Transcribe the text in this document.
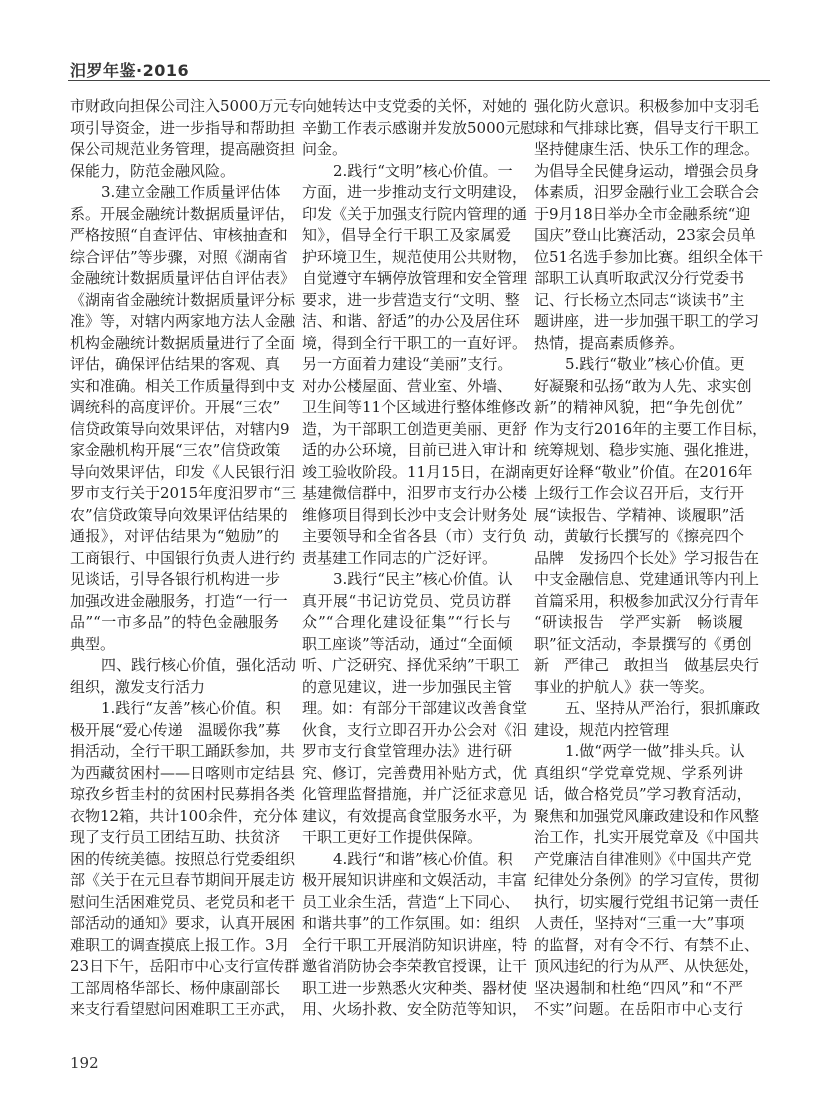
汨罗年鉴·2016
市财政向担保公司注入5000万元专
项引导资金，进一步指导和帮助担
保公司规范业务管理，提高融资担
保能力，防范金融风险。
3.建立金融工作质量评估体
系。开展金融统计数据质量评估，
严格按照“自查评估、审核抽查和
综合评估”等步骤，对照《湖南省
金融统计数据质量评估自评估表》
《湖南省金融统计数据质量评分标
准》等，对辖内两家地方法人金融
机构金融统计数据质量进行了全面
评估，确保评估结果的客观、真
实和准确。相关工作质量得到中支
调统科的高度评价。开展“三农”
信贷政策导向效果评估，对辖内9
家金融机构开展“三农”信贷政策
导向效果评估，印发《人民银行汨
罗市支行关于2015年度汨罗市“三
农”信贷政策导向效果评估结果的
通报》，对评估结果为“勉励”的
工商银行、中国银行负责人进行约
见谈话，引导各银行机构进一步
加强改进金融服务，打造“一行一
品”“一市多品”的特色金融服务
典型。
四、践行核心价值，强化活动
组织，激发支行活力
1.践行“友善”核心价值。积
极开展“爱心传递　温暖你我”募
捐活动，全行干职工踊跃参加，共
为西藏贫困村——日喀则市定结县
琼孜乡哲圭村的贫困村民募捐各类
衣物12箱，共计100余件，充分体
现了支行员工团结互助、扶贫济
困的传统美德。按照总行党委组织
部《关于在元旦春节期间开展走访
慰问生活困难党员、老党员和老干
部活动的通知》要求，认真开展困
难职工的调查摸底上报工作。3月
23日下午，岳阳市中心支行宣传群
工部周格华部长、杨仲康副部长
来支行看望慰问困难职工王亦武，
向她转达中支党委的关怀，对她的
辛勤工作表示感谢并发放5000元慰
问金。
2.践行“文明”核心价值。一
方面，进一步推动支行文明建设，
印发《关于加强支行院内管理的通
知》，倡导全行干职工及家属爱
护环境卫生，规范使用公共财物，
自觉遵守车辆停放管理和安全管理
要求，进一步营造支行“文明、整
洁、和谐、舒适”的办公及居住环
境，得到全行干职工的一直好评。
另一方面着力建设“美丽”支行。
对办公楼屋面、营业室、外墙、
卫生间等11个区域进行整体维修改
造，为干部职工创造更美丽、更舒
适的办公环境，目前已进入审计和
竣工验收阶段。11月15日，在湖南
基建微信群中，汨罗市支行办公楼
维修项目得到长沙中支会计财务处
主要领导和全省各县（市）支行负
责基建工作同志的广泛好评。
3.践行“民主”核心价值。认
真开展“书记访党员、党员访群
众”“合理化建设征集”“行长与
职工座谈”等活动，通过“全面倾
听、广泛研究、择优采纳”干职工
的意见建议，进一步加强民主管
理。如：有部分干部建议改善食堂
伙食，支行立即召开办公会对《汨
罗市支行食堂管理办法》进行研
究、修订，完善费用补贴方式，优
化管理监督措施，并广泛征求意见
建议，有效提高食堂服务水平，为
干职工更好工作提供保障。
4.践行“和谐”核心价值。积
极开展知识讲座和文娱活动，丰富
员工业余生活，营造“上下同心、
和谐共事”的工作氛围。如：组织
全行干职工开展消防知识讲座，特
邀省消防协会李荣教官授课，让干
职工进一步熟悉火灾种类、器材使
用、火场扑救、安全防范等知识，
强化防火意识。积极参加中支羽毛
球和气排球比赛，倡导支行干职工
坚持健康生活、快乐工作的理念。
为倡导全民健身运动，增强会员身
体素质，汨罗金融行业工会联合会
于9月18日举办全市金融系统“迎
国庆”登山比赛活动，23家会员单
位51名选手参加比赛。组织全体干
部职工认真听取武汉分行党委书
记、行长杨立杰同志“谈读书”主
题讲座，进一步加强干职工的学习
热情，提高素质修养。
5.践行“敬业”核心价值。更
好凝聚和弘扬“敢为人先、求实创
新”的精神风貌，把“争先创优”
作为支行2016年的主要工作目标，
统筹规划、稳步实施、强化推进，
更好诠释“敬业”价值。在2016年
上级行工作会议召开后，支行开
展“读报告、学精神、谈履职”活
动，黄敏行长撰写的《擦亮四个
品牌　发扬四个长处》学习报告在
中支金融信息、党建通讯等内刊上
首篇采用，积极参加武汉分行青年
“研读报告　学严实新　畅谈履
职”征文活动，李景撰写的《勇创
新　严律己　敢担当　做基层央行
事业的护航人》获一等奖。
五、坚持从严治行，狠抓廉政
建设，规范内控管理
1.做“两学一做”排头兵。认
真组织“学党章党规、学系列讲
话，做合格党员”学习教育活动，
聚焦和加强党风廉政建设和作风整
治工作，扎实开展党章及《中国共
产党廉洁自律准则》《中国共产党
纪律处分条例》的学习宣传，贯彻
执行，切实履行党组书记第一责任
人责任，坚持对“三重一大”事项
的监督，对有令不行、有禁不止、
顶风违纪的行为从严、从快惩处，
坚决遏制和杜绝“四风”和“不严
不实”问题。在岳阳市中心支行
192
